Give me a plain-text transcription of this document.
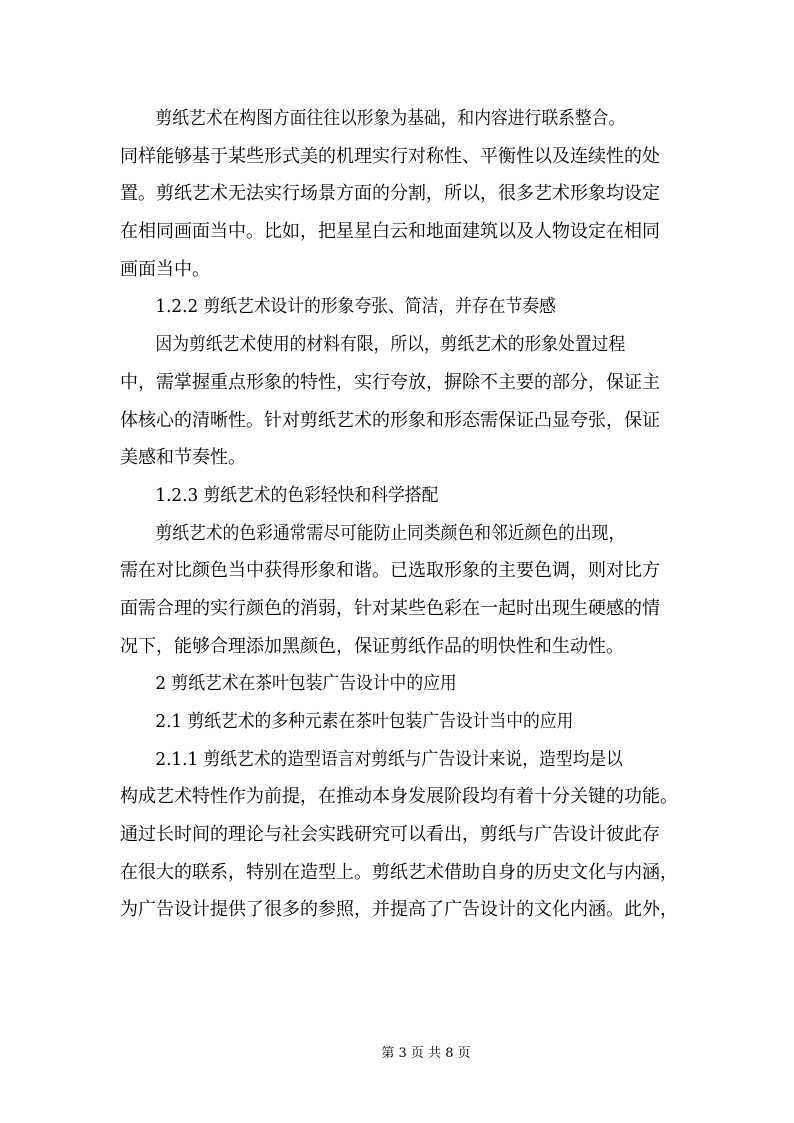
剪纸艺术在构图方面往往以形象为基础，和内容进行联系整合。
同样能够基于某些形式美的机理实行对称性、平衡性以及连续性的处
置。剪纸艺术无法实行场景方面的分割，所以，很多艺术形象均设定
在相同画面当中。比如，把星星白云和地面建筑以及人物设定在相同
画面当中。
1.2.2 剪纸艺术设计的形象夸张、简洁，并存在节奏感
因为剪纸艺术使用的材料有限，所以，剪纸艺术的形象处置过程
中，需掌握重点形象的特性，实行夸放，摒除不主要的部分，保证主
体核心的清晰性。针对剪纸艺术的形象和形态需保证凸显夸张，保证
美感和节奏性。
1.2.3 剪纸艺术的色彩轻快和科学搭配
剪纸艺术的色彩通常需尽可能防止同类颜色和邻近颜色的出现，
需在对比颜色当中获得形象和谐。已选取形象的主要色调，则对比方
面需合理的实行颜色的消弱，针对某些色彩在一起时出现生硬感的情
况下，能够合理添加黑颜色，保证剪纸作品的明快性和生动性。
2 剪纸艺术在茶叶包装广告设计中的应用
2.1 剪纸艺术的多种元素在茶叶包装广告设计当中的应用
2.1.1 剪纸艺术的造型语言对剪纸与广告设计来说，造型均是以
构成艺术特性作为前提，在推动本身发展阶段均有着十分关键的功能。
通过长时间的理论与社会实践研究可以看出，剪纸与广告设计彼此存
在很大的联系，特别在造型上。剪纸艺术借助自身的历史文化与内涵，
为广告设计提供了很多的参照，并提高了广告设计的文化内涵。此外，
第 3 页 共 8 页
